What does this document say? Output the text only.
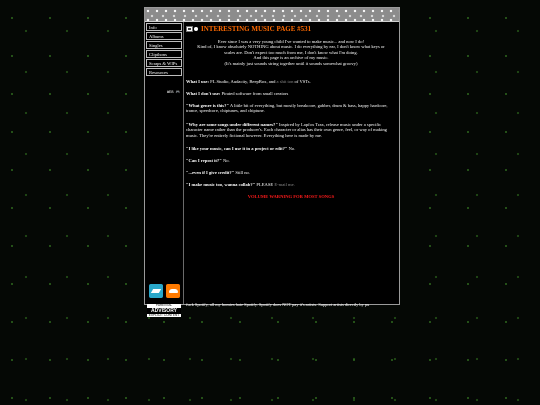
Info
Albums
Singles
Clipthons
Scraps & WIPs
Resources
WEB 🎮
PARENTAL
ADVISORY
EXPLICIT CONTENT
INTERESTING MUSIC PAGE #531
Ever since I was a very young child I've wanted to make music... and now I do!
Kind of, I know absolutely NOTHING about music. I do everything by ear, I don't know what keys or
scales are. Don't expect too much from me, I don't know what I'm doing.
And this page is an archive of my music.
(It's mainly just sounds string together until it sounds somewhat groovy)
What I use: FL Studio, Audacity, BeepBox, and a shit ton of VSTs.
What I don't use: Pirated software from small creators
"What genre is this?" A little bit of everything, but mostly breakcore, gabber, drum & bass, happy hardcore, trance, speedcore, chiptunes, and chiptune.
"Why are some songs under different names?" Inspired by Lapfox Trax, release music under a specific character name rather than the producer's. Each character or alias has their own genre, feel, or way of making music. They're entirely fictional however. Everything here is made by me.
"I like your music, can I use it in a project or edit?" No.
"Can I repost it?" No.
"...even if I give credit?" Still no.
"I make music too, wanna collab?" PLEASE E-mail me.
VOLUME WARNING FOR MOST SONGS
fuck Spotify, all my homies hate Spotify. Spotify does NOT pay it's artists. Support artists directly by pu
